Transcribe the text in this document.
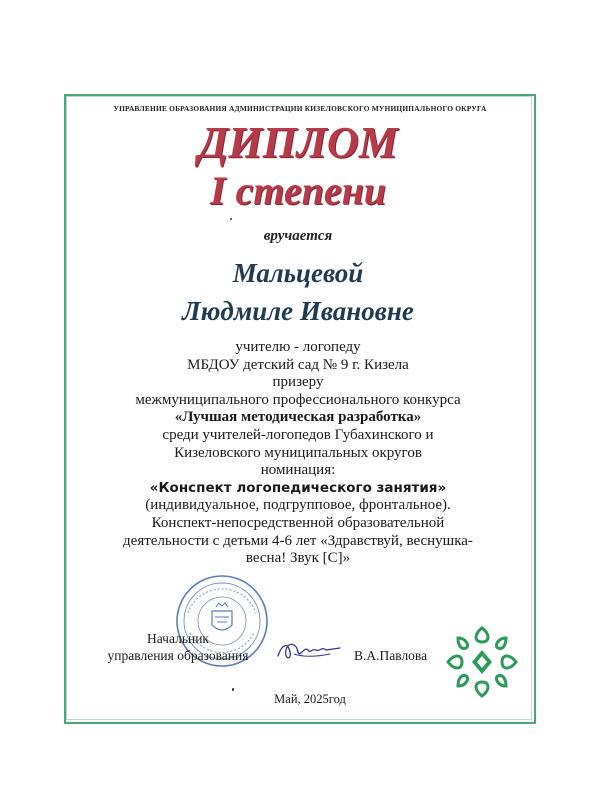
УПРАВЛЕНИЕ ОБРАЗОВАНИЯ АДМИНИСТРАЦИИ КИЗЕЛОВСКОГО МУНИЦИПАЛЬНОГО ОКРУГА
ДИПЛОМ
I степени
вручается
Мальцевой
Людмиле Ивановне
учителю - логопеду
МБДОУ детский сад № 9 г. Кизела
призеру
межмуниципального профессионального конкурса
«Лучшая методическая разработка»
среди учителей-логопедов Губахинского и
Кизеловского муниципальных округов
номинация:
«Конспект логопедического занятия»
(индивидуальное, подгрупповое, фронтальное).
Конспект-непосредственной образовательной
деятельности с детьми 4-6 лет «Здравствуй, веснушка-
весна! Звук [С]»
Начальник
управления образования	В.А.Павлова
Май, 2025год
